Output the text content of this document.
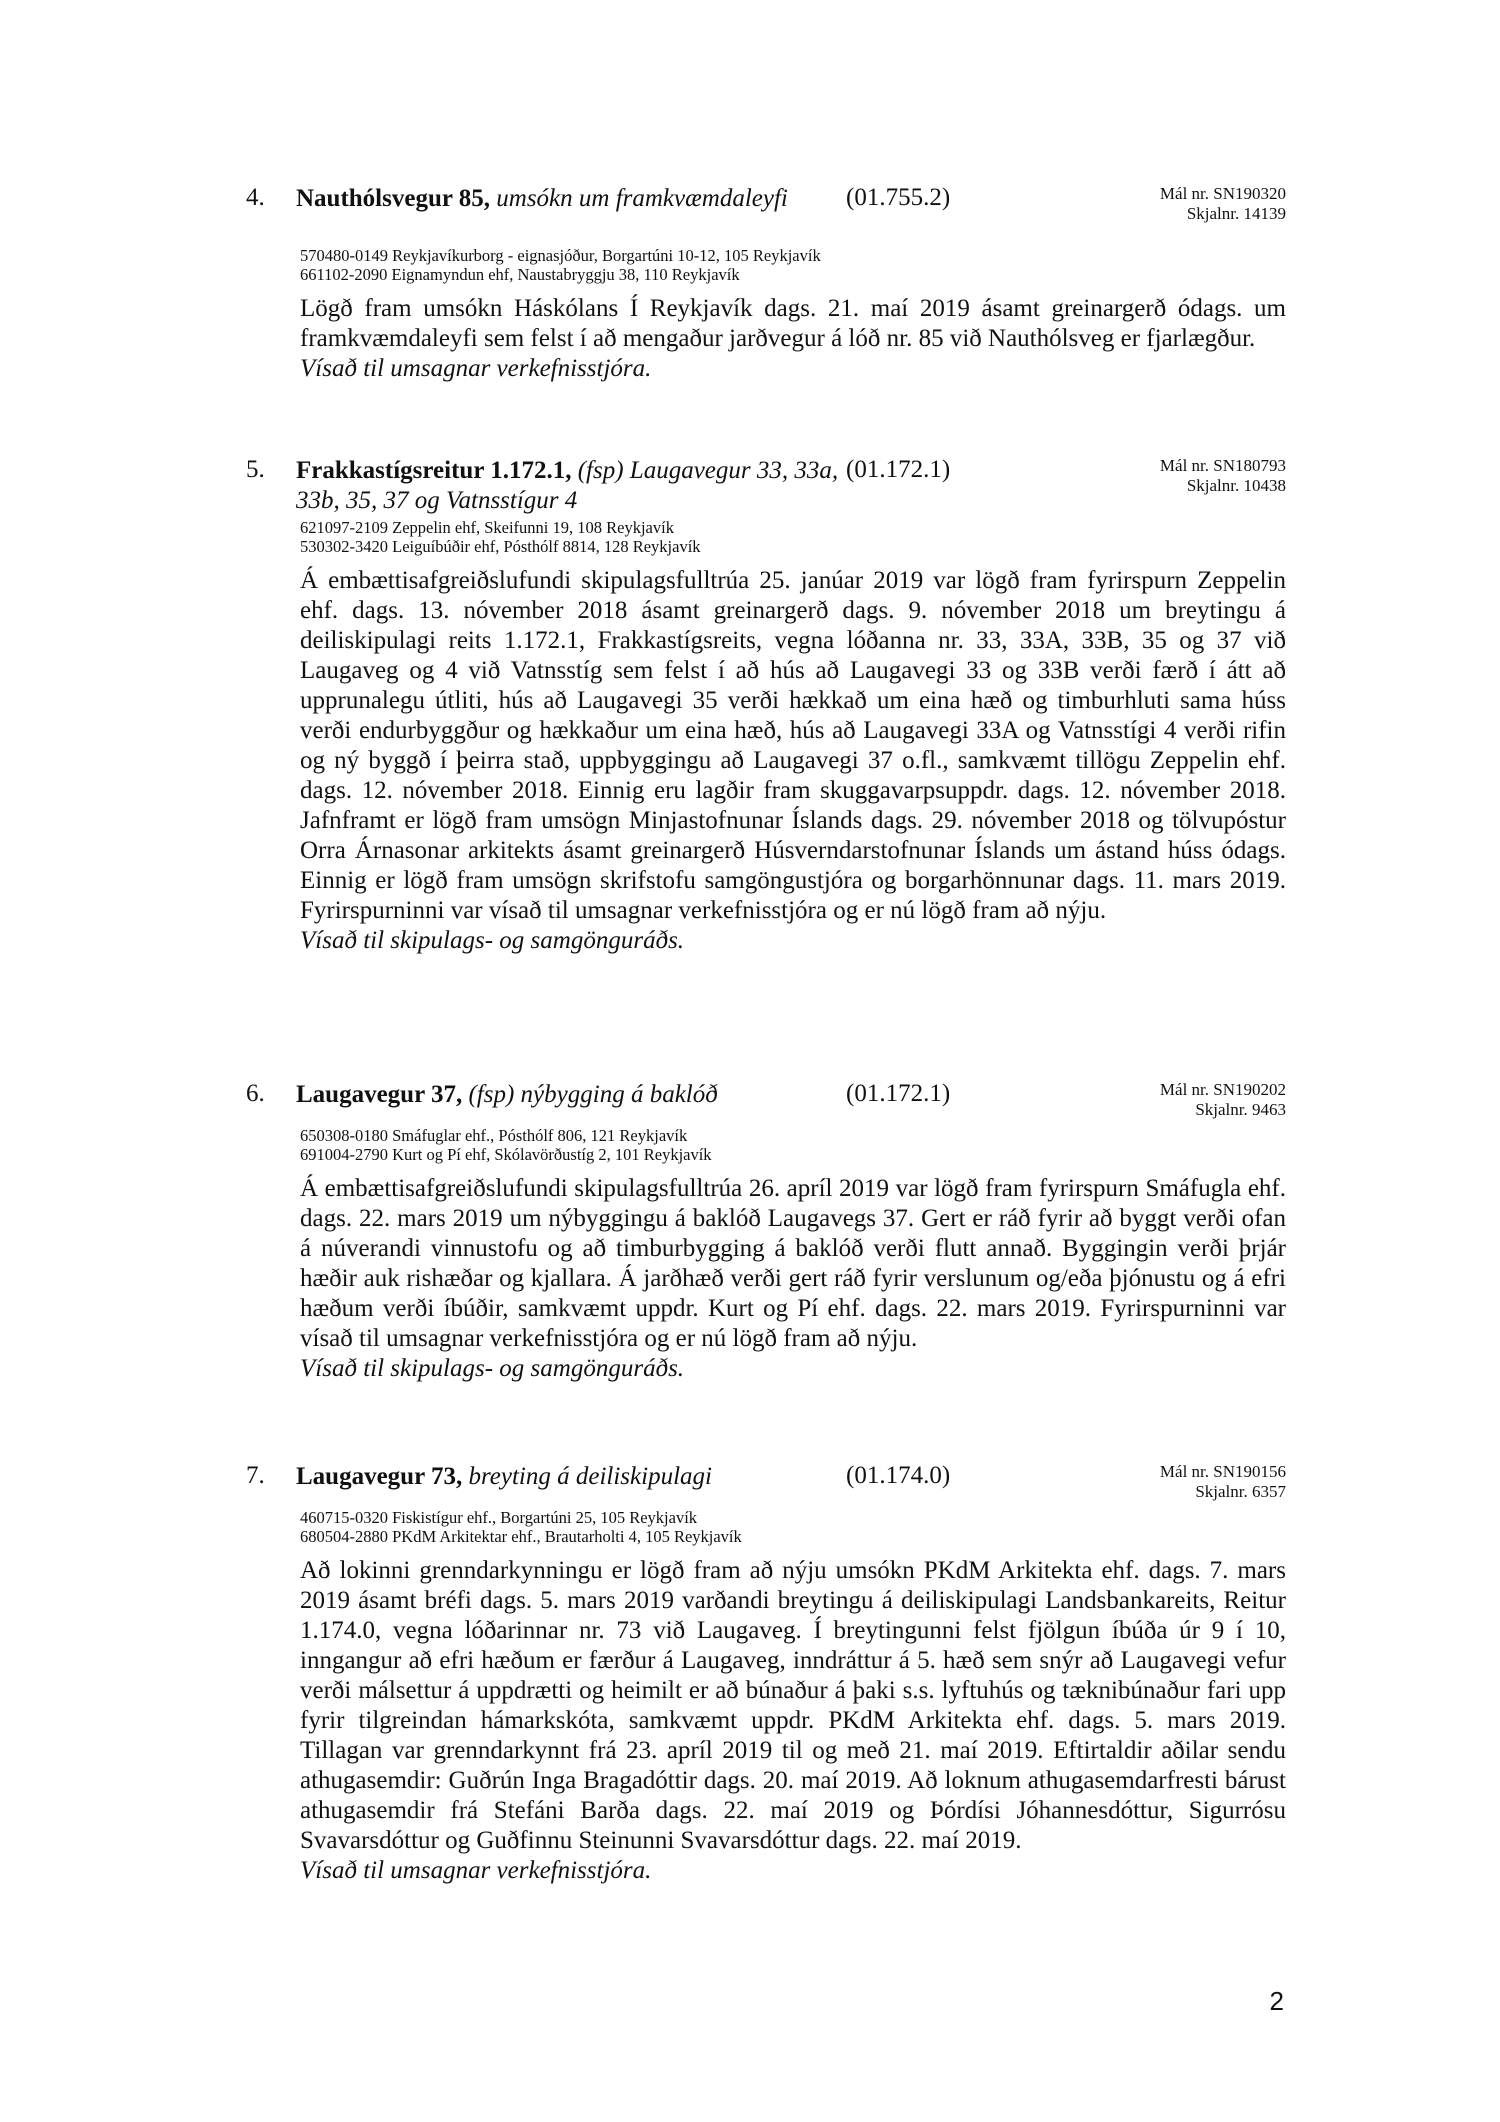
4. Nauthólsvegur 85, umsókn um framkvæmdaleyfi	(01.755.2)	Mál nr. SN190320
Skjalnr. 14139
570480-0149 Reykjavíkurborg - eignasjóður, Borgartúni 10-12, 105 Reykjavík
661102-2090 Eignamyndun ehf, Naustabryggju 38, 110 Reykjavík

Lögð fram umsókn Háskólans Í Reykjavík dags. 21. maí 2019 ásamt greinargerð ódags. um framkvæmdaleyfi sem felst í að mengaður jarðvegur á lóð nr. 85 við Nauthólsveg er fjarlægður.

Vísað til umsagnar verkefnisstjóra.

5. Frakkastígsreitur 1.172.1, (fsp) Laugavegur 33, 33a, 33b, 35, 37 og Vatnsstígur 4
(01.172.1)	Mál nr. SN180793
Skjalnr. 10438
621097-2109 Zeppelin ehf, Skeifunni 19, 108 Reykjavík
530302-3420 Leiguíbúðir ehf, Pósthólf 8814, 128 Reykjavík

Á embættisafgreiðslufundi skipulagsfulltrúa 25. janúar 2019 var lögð fram fyrirspurn Zeppelin ehf. dags. 13. nóvember 2018 ásamt greinargerð dags. 9. nóvember 2018 um breytingu á deiliskipulagi reits 1.172.1, Frakkastígsreits, vegna lóðanna nr. 33, 33A, 33B, 35 og 37 við Laugaveg og 4 við Vatnsstíg sem felst í að hús að Laugavegi 33 og 33B verði færð í átt að upprunalegu útliti, hús að Laugavegi 35 verði hækkað um eina hæð og timburhluti sama húss verði endurbyggður og hækkaður um eina hæð, hús að Laugavegi 33A og Vatnsstígi 4 verði rifin og ný byggð í þeirra stað, uppbyggingu að Laugavegi 37 o.fl., samkvæmt tillögu Zeppelin ehf. dags. 12. nóvember 2018. Einnig eru lagðir fram skuggavarpsuppdr. dags. 12. nóvember 2018. Jafnframt er lögð fram umsögn Minjastofnunar Íslands dags. 29. nóvember 2018 og tölvupóstur Orra Árnasonar arkitekts ásamt greinargerð Húsverndarstofnunar Íslands um ástand húss ódags. Einnig er lögð fram umsögn skrifstofu samgöngustjóra og borgarhönnunar dags. 11. mars 2019. Fyrirspurninni var vísað til umsagnar verkefnisstjóra og er nú lögð fram að nýju.

Vísað til skipulags- og samgönguráðs.

6. Laugavegur 37, (fsp) nýbygging á baklóð	(01.172.1)	Mál nr. SN190202
Skjalnr. 9463
650308-0180 Smáfuglar ehf., Pósthólf 806, 121 Reykjavík
691004-2790 Kurt og Pí ehf, Skólavörðustíg 2, 101 Reykjavík

Á embættisafgreiðslufundi skipulagsfulltrúa 26. apríl 2019 var lögð fram fyrirspurn Smáfugla ehf. dags. 22. mars 2019 um nýbyggingu á baklóð Laugavegs 37. Gert er ráð fyrir að byggt verði ofan á núverandi vinnustofu og að timburbygging á baklóð verði flutt annað. Byggingin verði þrjár hæðir auk rishæðar og kjallara. Á jarðhæð verði gert ráð fyrir verslunum og/eða þjónustu og á efri hæðum verði íbúðir, samkvæmt uppdr. Kurt og Pí ehf. dags. 22. mars 2019. Fyrirspurninni var vísað til umsagnar verkefnisstjóra og er nú lögð fram að nýju.

Vísað til skipulags- og samgönguráðs.

7. Laugavegur 73, breyting á deiliskipulagi	(01.174.0)	Mál nr. SN190156
Skjalnr. 6357
460715-0320 Fiskistígur ehf., Borgartúni 25, 105 Reykjavík
680504-2880 PKdM Arkitektar ehf., Brautarholti 4, 105 Reykjavík

Að lokinni grenndarkynningu er lögð fram að nýju umsókn PKdM Arkitekta ehf. dags. 7. mars 2019 ásamt bréfi dags. 5. mars 2019 varðandi breytingu á deiliskipulagi Landsbankareits, Reitur 1.174.0, vegna lóðarinnar nr. 73 við Laugaveg. Í breytingunni felst fjölgun íbúða úr 9 í 10, inngangur að efri hæðum er færður á Laugaveg, inndráttur á 5. hæð sem snýr að Laugavegi vefur verði málsettur á uppdrætti og heimilt er að búnaður á þaki s.s. lyftuhús og tæknibúnaður fari upp fyrir tilgreindan hámarkskóta, samkvæmt uppdr. PKdM Arkitekta ehf. dags. 5. mars 2019. Tillagan var grenndarkynnt frá 23. apríl 2019 til og með 21. maí 2019. Eftirtaldir aðilar sendu athugasemdir: Guðrún Inga Bragadóttir dags. 20. maí 2019. Að loknum athugasemdarfresti bárust athugasemdir frá Stefáni Barða dags. 22. maí 2019 og Þórdísi Jóhannesdóttur, Sigurrósu Svavarsdóttur og Guðfinnu Steinunni Svavarsdóttur dags. 22. maí 2019.

Vísað til umsagnar verkefnisstjóra.

2
